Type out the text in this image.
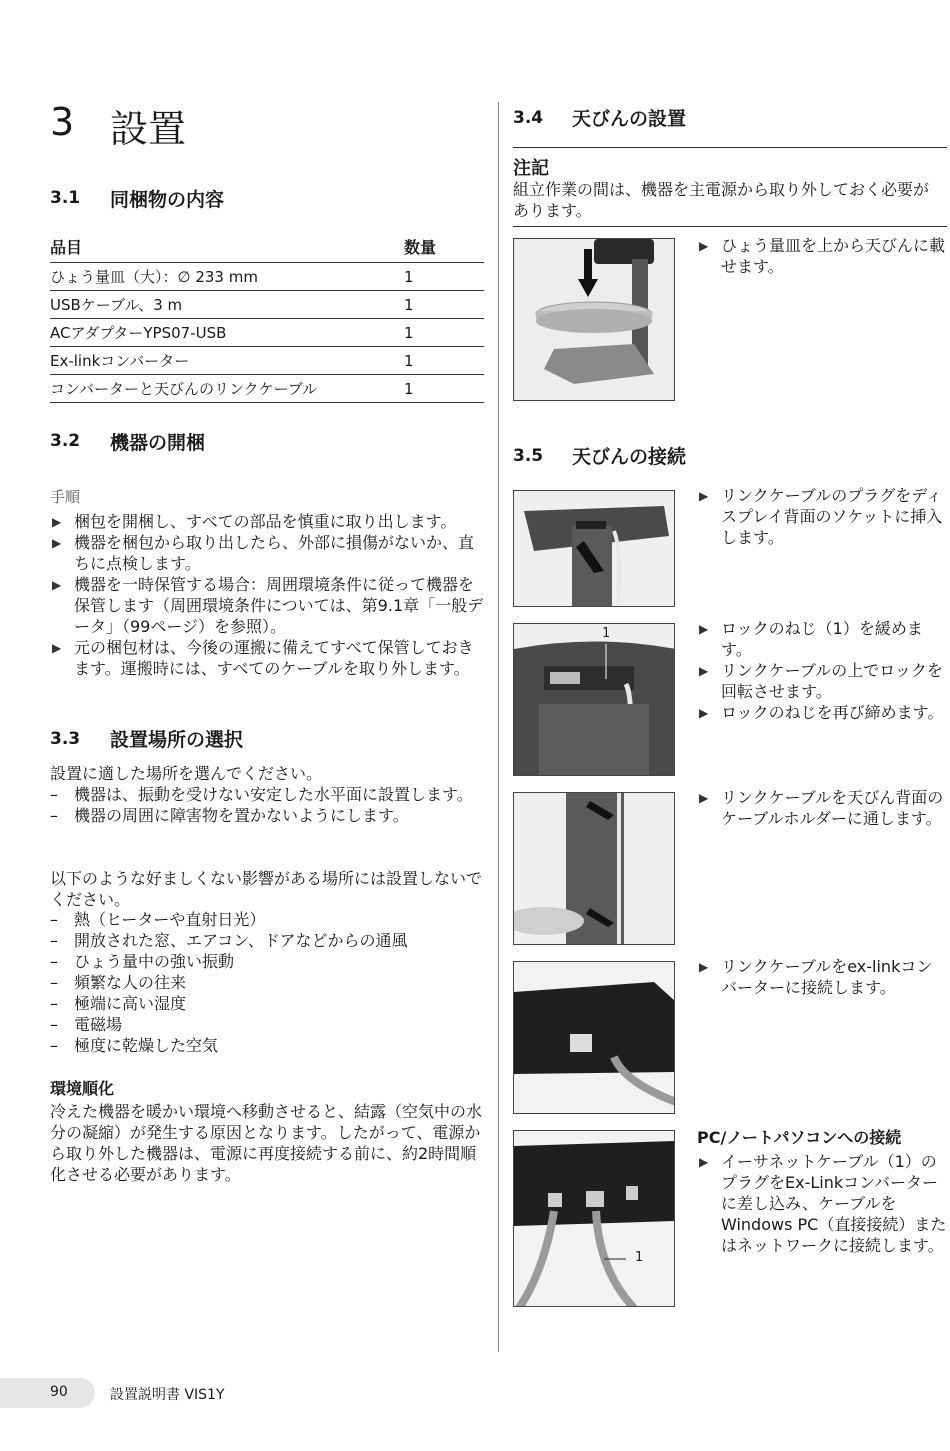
3 設置
3.1 同梱物の内容
品目	数量
ひょう量皿（大）：∅ 233 mm	1
USBケーブル、3 m	1
ACアダプターYPS07-USB	1
Ex-linkコンバーター	1
コンバーターと天びんのリンクケーブル	1
3.2 機器の開梱
手順
▶ 梱包を開梱し、すべての部品を慎重に取り出します。
▶ 機器を梱包から取り出したら、外部に損傷がないか、直ちに点検します。
▶ 機器を一時保管する場合：周囲環境条件に従って機器を保管します（周囲環境条件については、第9.1章「一般データ」（99ページ）を参照）。
▶ 元の梱包材は、今後の運搬に備えてすべて保管しておきます。運搬時には、すべてのケーブルを取り外します。
3.3 設置場所の選択
設置に適した場所を選んでください。
– 機器は、振動を受けない安定した水平面に設置します。
– 機器の周囲に障害物を置かないようにします。
以下のような好ましくない影響がある場所には設置しないでください。
– 熱（ヒーターや直射日光）
– 開放された窓、エアコン、ドアなどからの通風
– ひょう量中の強い振動
– 頻繁な人の往来
– 極端に高い湿度
– 電磁場
– 極度に乾燥した空気
環境順化
冷えた機器を暖かい環境へ移動させると、結露（空気中の水分の凝縮）が発生する原因となります。したがって、電源から取り外した機器は、電源に再度接続する前に、約2時間順化させる必要があります。
3.4 天びんの設置
注記
組立作業の間は、機器を主電源から取り外しておく必要があります。
▶ ひょう量皿を上から天びんに載せます。
3.5 天びんの接続
▶ リンクケーブルのプラグをディスプレイ背面のソケットに挿入します。
1	▶ ロックのねじ（1）を緩めます。
▶ リンクケーブルの上でロックを回転させます。
▶ ロックのねじを再び締めます。
▶ リンクケーブルを天びん背面のケーブルホルダーに通します。
▶ リンクケーブルをex-linkコンバーターに接続します。
1
PC/ノートパソコンへの接続
▶ イーサネットケーブル（1）のプラグをEx-Linkコンバーターに差し込み、ケーブルをWindows PC（直接接続）またはネットワークに接続します。
90	設置説明書 VIS1Y
